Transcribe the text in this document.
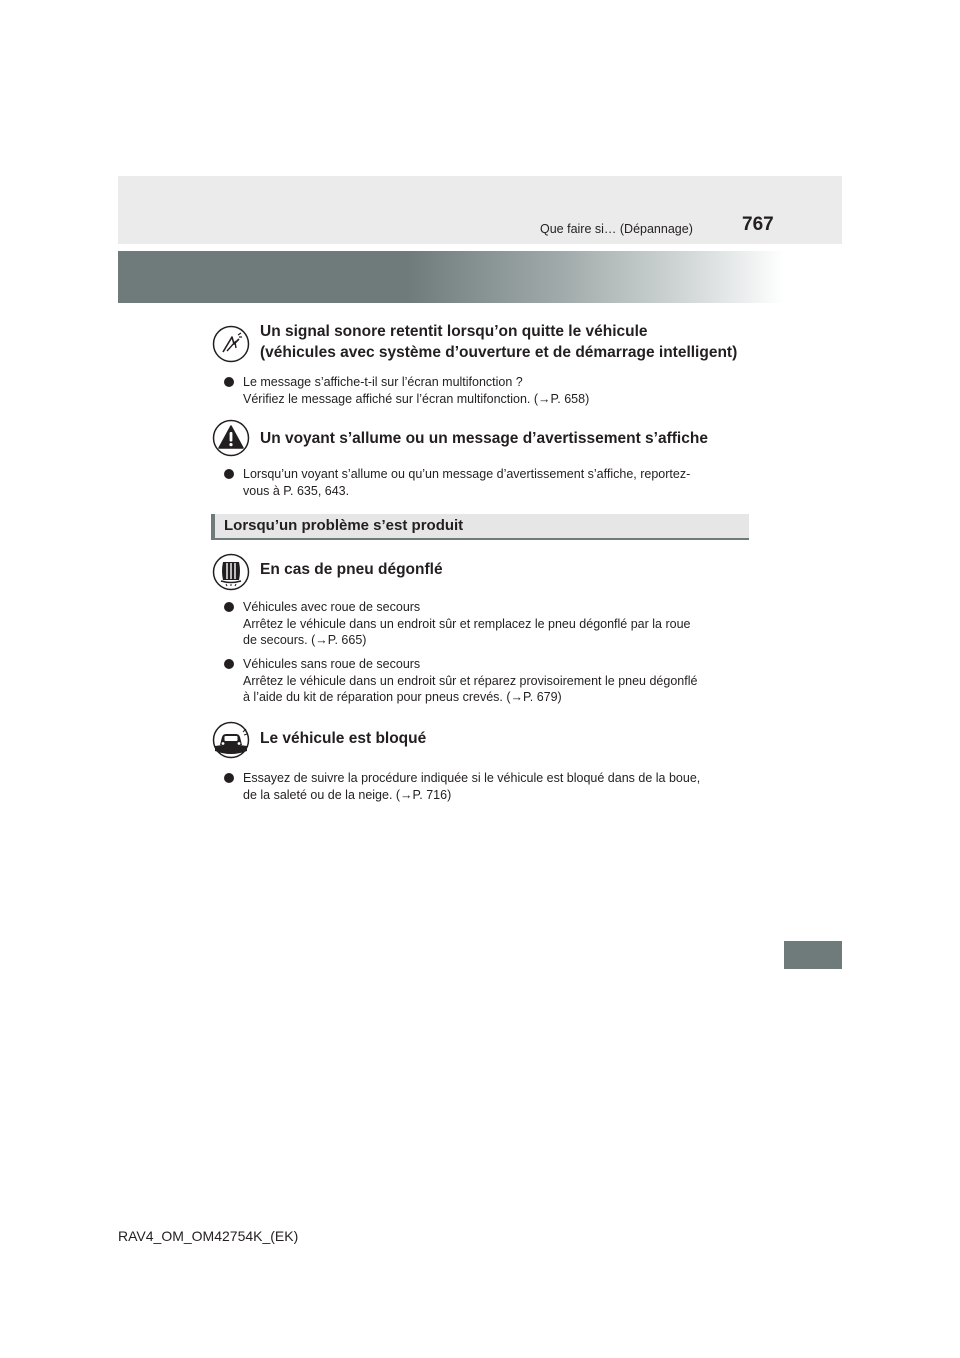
767
Que faire si… (Dépannage)
Un signal sonore retentit lorsqu’on quitte le véhicule
(véhicules avec système d’ouverture et de démarrage intelligent)
Le message s’affiche-t-il sur l’écran multifonction ?
Vérifiez le message affiché sur l’écran multifonction. (→P. 658)
Un voyant s’allume ou un message d’avertissement s’affiche
Lorsqu’un voyant s’allume ou qu’un message d’avertissement s’affiche, reportez-
vous à P. 635, 643.
Lorsqu’un problème s’est produit
En cas de pneu dégonflé
Véhicules avec roue de secours
Arrêtez le véhicule dans un endroit sûr et remplacez le pneu dégonflé par la roue
de secours. (→P. 665)
Véhicules sans roue de secours
Arrêtez le véhicule dans un endroit sûr et réparez provisoirement le pneu dégonflé
à l’aide du kit de réparation pour pneus crevés. (→P. 679)
Le véhicule est bloqué
Essayez de suivre la procédure indiquée si le véhicule est bloqué dans de la boue,
de la saleté ou de la neige. (→P. 716)
RAV4_OM_OM42754K_(EK)
